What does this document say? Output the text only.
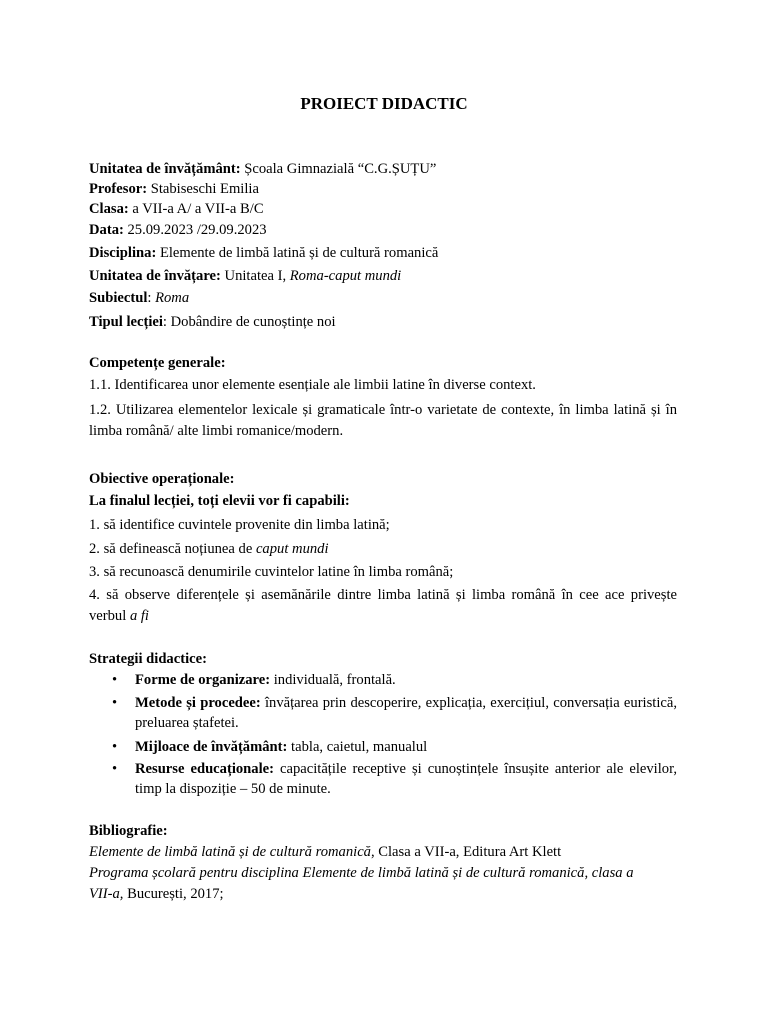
PROIECT DIDACTIC
Unitatea de învățământ: Școala Gimnazială “C.G.ȘUȚU”
Profesor: Stabiseschi Emilia
Clasa: a VII-a A/ a VII-a B/C
Data: 25.09.2023 /29.09.2023
Disciplina: Elemente de limbă latină și de cultură romanică
Unitatea de învățare: Unitatea I, Roma-caput mundi
Subiectul: Roma
Tipul lecției: Dobândire de cunoștințe noi
Competențe generale:
1.1. Identificarea unor elemente esențiale ale limbii latine în diverse context.
1.2. Utilizarea elementelor lexicale și gramaticale într-o varietate de contexte, în limba latină și în limba română/ alte limbi romanice/modern.
Obiective operaționale:
La finalul lecției, toți elevii vor fi capabili:
1. să identifice cuvintele provenite din limba latină;
2. să definească noțiunea de caput mundi
3. să recunoască denumirile cuvintelor latine în limba română;
4. să observe diferențele și asemănările dintre limba latină și limba română în cee ace privește verbul a fi
Strategii didactice:
• Forme de organizare: individuală, frontală.
• Metode și procedee: învățarea prin descoperire, explicația, exercițiul, conversația euristică, preluarea ștafetei.
• Mijloace de învățământ: tabla, caietul, manualul
• Resurse educaționale: capacitățile receptive și cunoștințele însușite anterior ale elevilor, timp la dispoziție – 50 de minute.
Bibliografie:
Elemente de limbă latină și de cultură romanică, Clasa a VII-a, Editura Art Klett
Programa școlară pentru disciplina Elemente de limbă latină și de cultură romanică, clasa a VII-a, București, 2017;
